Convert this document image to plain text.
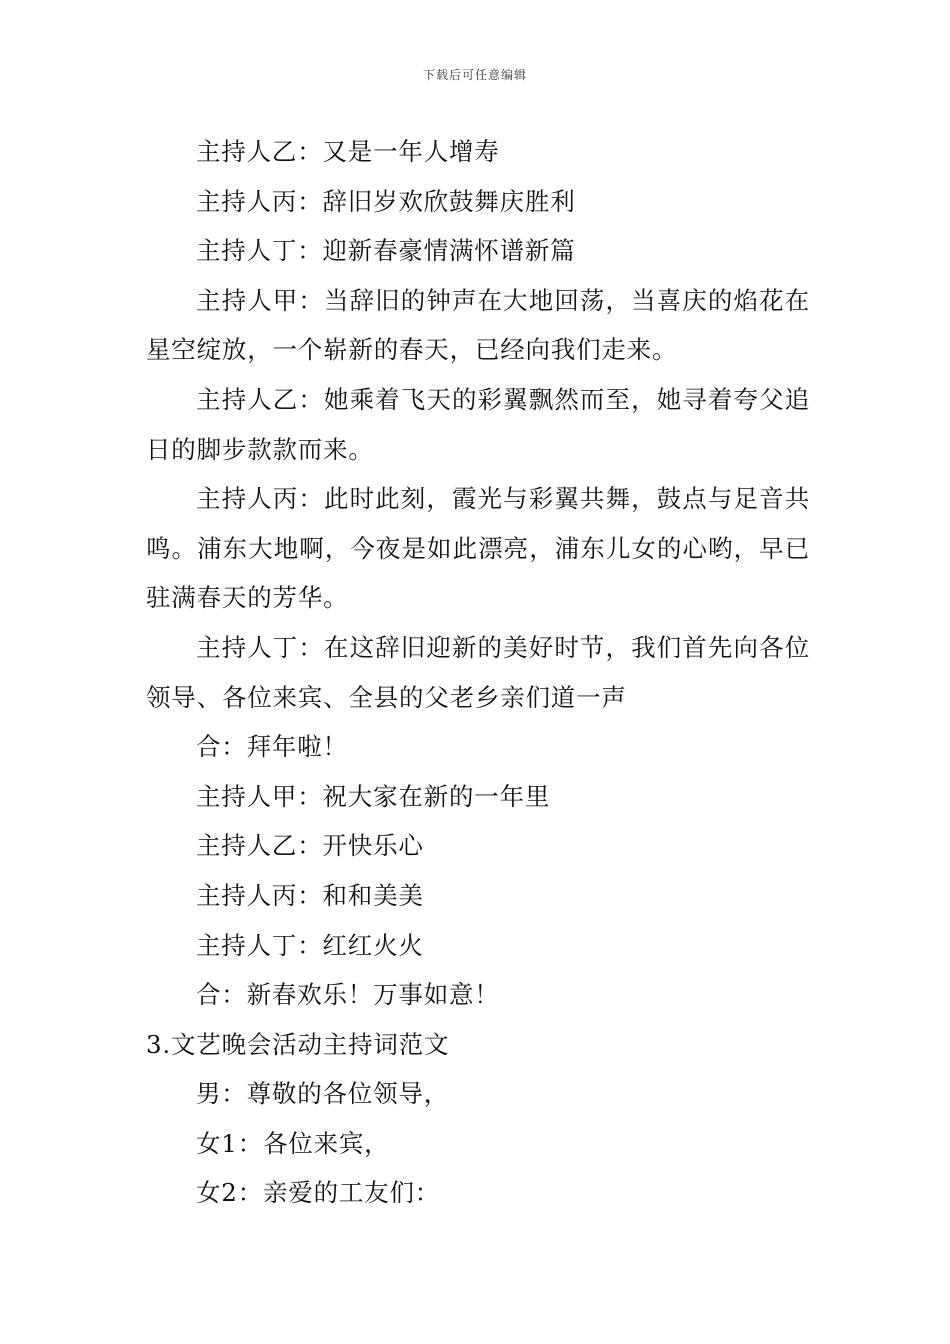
下载后可任意编辑

主持人乙：又是一年人增寿

主持人丙：辞旧岁欢欣鼓舞庆胜利

主持人丁：迎新春豪情满怀谱新篇

主持人甲：当辞旧的钟声在大地回荡，当喜庆的焰花在星空绽放，一个崭新的春天，已经向我们走来。

主持人乙：她乘着飞天的彩翼飘然而至，她寻着夸父追日的脚步款款而来。

主持人丙：此时此刻，霞光与彩翼共舞，鼓点与足音共鸣。浦东大地啊，今夜是如此漂亮，浦东儿女的心哟，早已驻满春天的芳华。

主持人丁：在这辞旧迎新的美好时节，我们首先向各位领导、各位来宾、全县的父老乡亲们道一声

合：拜年啦！

主持人甲：祝大家在新的一年里

主持人乙：开快乐心

主持人丙：和和美美

主持人丁：红红火火

合：新春欢乐！万事如意！

3.文艺晚会活动主持词范文

男：尊敬的各位领导，

女1：各位来宾，

女2：亲爱的工友们：
